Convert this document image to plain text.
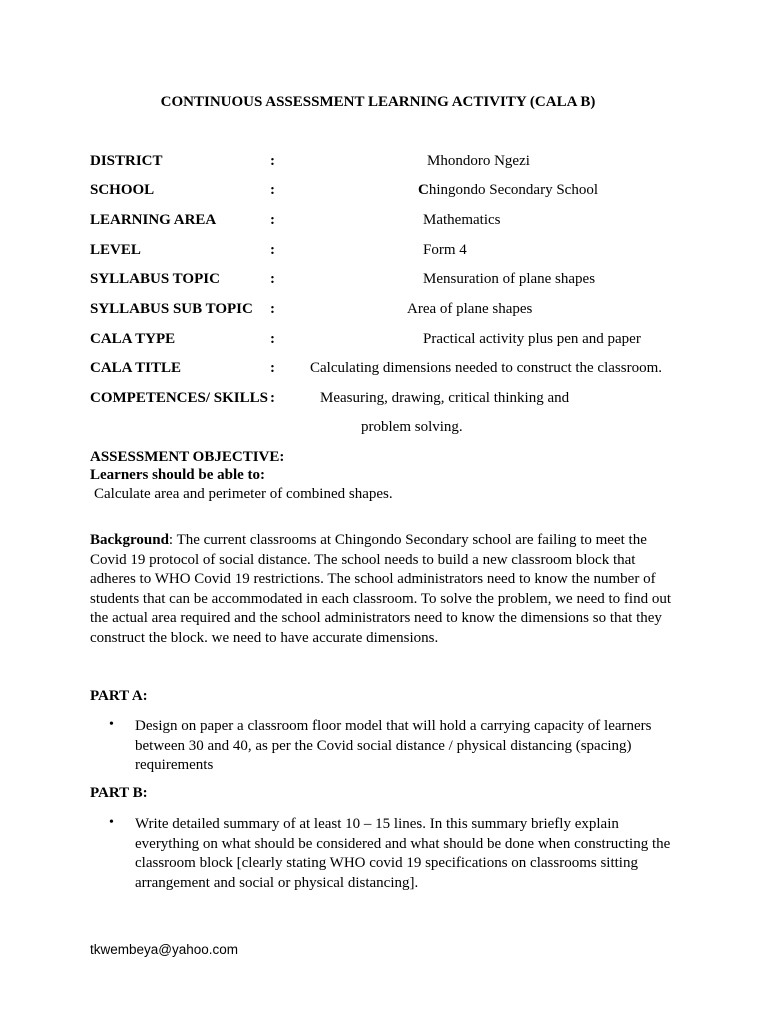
CONTINUOUS ASSESSMENT LEARNING ACTIVITY (CALA B)
DISTRICT	:	Mhondoro Ngezi
SCHOOL	:	Chingondo Secondary School
LEARNING AREA	:	Mathematics
LEVEL	:	Form 4
SYLLABUS TOPIC	:	Mensuration of plane shapes
SYLLABUS SUB TOPIC :	Area of plane shapes
CALA TYPE	:	Practical activity plus pen and paper
CALA TITLE	: Calculating dimensions needed to construct the classroom.
COMPETENCES/ SKILLS :	Measuring, drawing, critical thinking and
problem solving.
ASSESSMENT OBJECTIVE:
Learners should be able to:
Calculate area and perimeter of combined shapes.
Background: The current classrooms at Chingondo Secondary school are failing to meet the Covid 19 protocol of social distance. The school needs to build a new classroom block that adheres to WHO Covid 19 restrictions. The school administrators need to know the number of students that can be accommodated in each classroom. To solve the problem, we need to find out the actual area required and the school administrators need to know the dimensions so that they construct the block. we need to have accurate dimensions.
PART A:
• Design on paper a classroom floor model that will hold a carrying capacity of learners between 30 and 40, as per the Covid social distance / physical distancing (spacing) requirements
PART B:
• Write detailed summary of at least 10 – 15 lines. In this summary briefly explain everything on what should be considered and what should be done when constructing the classroom block [clearly stating WHO covid 19 specifications on classrooms sitting arrangement and social or physical distancing].
tkwembeya@yahoo.com
